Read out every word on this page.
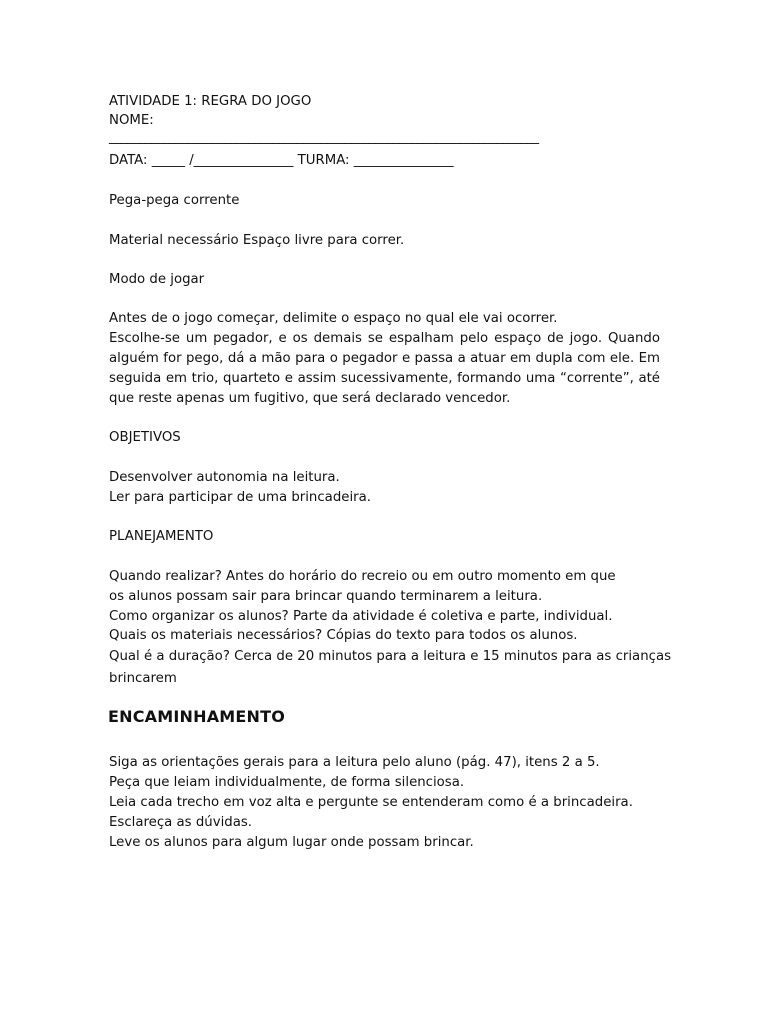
ATIVIDADE 1: REGRA DO JOGO
NOME:
_______________________________________________________________________
DATA: _____ /_______________ TURMA: _______________
Pega-pega corrente
Material necessário Espaço livre para correr.
Modo de jogar
Antes de o jogo começar, delimite o espaço no qual ele vai ocorrer.
Escolhe-se um pegador, e os demais se espalham pelo espaço de jogo. Quando
alguém for pego, dá a mão para o pegador e passa a atuar em dupla com ele. Em
seguida em trio, quarteto e assim sucessivamente, formando uma “corrente”, até
que reste apenas um fugitivo, que será declarado vencedor.
OBJETIVOS
Desenvolver autonomia na leitura.
Ler para participar de uma brincadeira.
PLANEJAMENTO
Quando realizar? Antes do horário do recreio ou em outro momento em que
os alunos possam sair para brincar quando terminarem a leitura.
Como organizar os alunos? Parte da atividade é coletiva e parte, individual.
Quais os materiais necessários? Cópias do texto para todos os alunos.
Qual é a duração? Cerca de 20 minutos para a leitura e 15 minutos para as crianças
brincarem
ENCAMINHAMENTO
Siga as orientações gerais para a leitura pelo aluno (pág. 47), itens 2 a 5.
Peça que leiam individualmente, de forma silenciosa.
Leia cada trecho em voz alta e pergunte se entenderam como é a brincadeira.
Esclareça as dúvidas.
Leve os alunos para algum lugar onde possam brincar.
